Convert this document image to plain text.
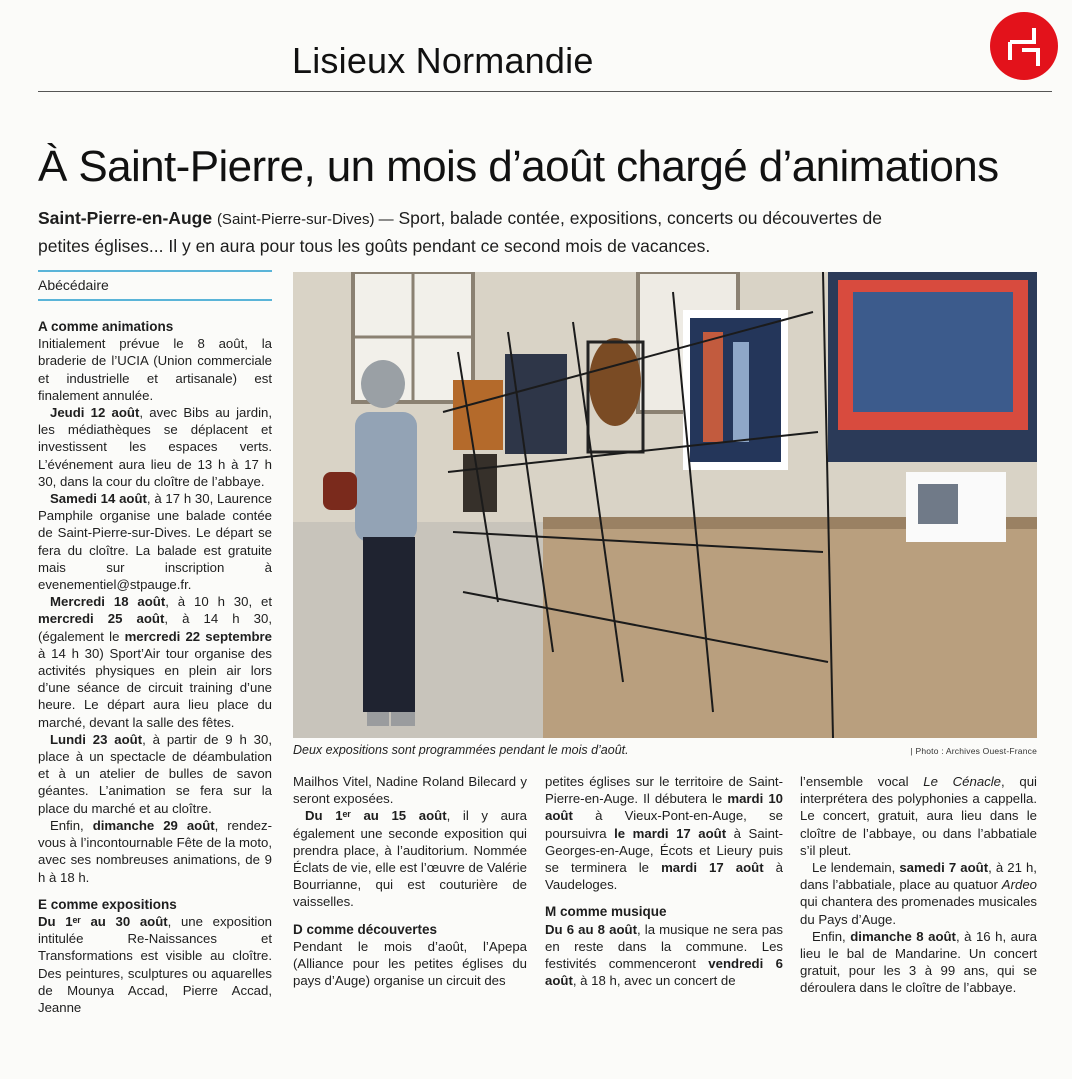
Lisieux Normandie
À Saint-Pierre, un mois d’août chargé d’animations

Saint-Pierre-en-Auge (Saint-Pierre-sur-Dives) — Sport, balade contée, expositions, concerts ou découvertes de petites églises... Il y en aura pour tous les goûts pendant ce second mois de vacances.

Abécédaire
A comme animations

Initialement prévue le 8 août, la braderie de l’UCIA (Union commerciale et industrielle et artisanale) est finalement annulée.

Jeudi 12 août, avec Bibs au jardin, les médiathèques se déplacent et investissent les espaces verts. L’événement aura lieu de 13 h à 17 h 30, dans la cour du cloître de l’abbaye.

Samedi 14 août, à 17 h 30, Laurence Pamphile organise une balade contée de Saint-Pierre-sur-Dives. Le départ se fera du cloître. La balade est gratuite mais sur inscription à evenementiel@stpauge.fr.

Mercredi 18 août, à 10 h 30, et mercredi 25 août, à 14 h 30, (également le mercredi 22 septembre à 14 h 30) Sport’Air tour organise des activités physiques en plein air lors d’une séance de circuit training d’une heure. Le départ aura lieu place du marché, devant la salle des fêtes.

Lundi 23 août, à partir de 9 h 30, place à un spectacle de déambulation et à un atelier de bulles de savon géantes. L’animation se fera sur la place du marché et au cloître.

Enfin, dimanche 29 août, rendez-vous à l’incontournable Fête de la moto, avec ses nombreuses animations, de 9 h à 18 h.

E comme expositions

Du 1ᵉʳ au 30 août, une exposition intitulée Re-Naissances et Transformations est visible au cloître. Des peintures, sculptures ou aquarelles de Mounya Accad, Pierre Accad, Jeanne

Deux expositions sont programmées pendant le mois d’août.	| Photo : Archives Ouest-France

Mailhos Vitel, Nadine Roland Bilecard y seront exposées.

Du 1ᵉʳ au 15 août, il y aura également une seconde exposition qui prendra place, à l’auditorium. Nommée Éclats de vie, elle est l’œuvre de Valérie Bourrianne, qui est couturière de vaisselles.

D comme découvertes

Pendant le mois d’août, l’Apepa (Alliance pour les petites églises du pays d’Auge) organise un circuit des

petites églises sur le territoire de Saint-Pierre-en-Auge. Il débutera le mardi 10 août à Vieux-Pont-en-Auge, se poursuivra le mardi 17 août à Saint-Georges-en-Auge, Écots et Lieury puis se terminera le mardi 17 août à Vaudeloges.

M comme musique

Du 6 au 8 août, la musique ne sera pas en reste dans la commune. Les festivités commenceront vendredi 6 août, à 18 h, avec un concert de

l’ensemble vocal Le Cénacle, qui interprétera des polyphonies a cappella. Le concert, gratuit, aura lieu dans le cloître de l’abbaye, ou dans l’abbatiale s’il pleut.

Le lendemain, samedi 7 août, à 21 h, dans l’abbatiale, place au quatuor Ardeo qui chantera des promenades musicales du Pays d’Auge.

Enfin, dimanche 8 août, à 16 h, aura lieu le bal de Mandarine. Un concert gratuit, pour les 3 à 99 ans, qui se déroulera dans le cloître de l’abbaye.
